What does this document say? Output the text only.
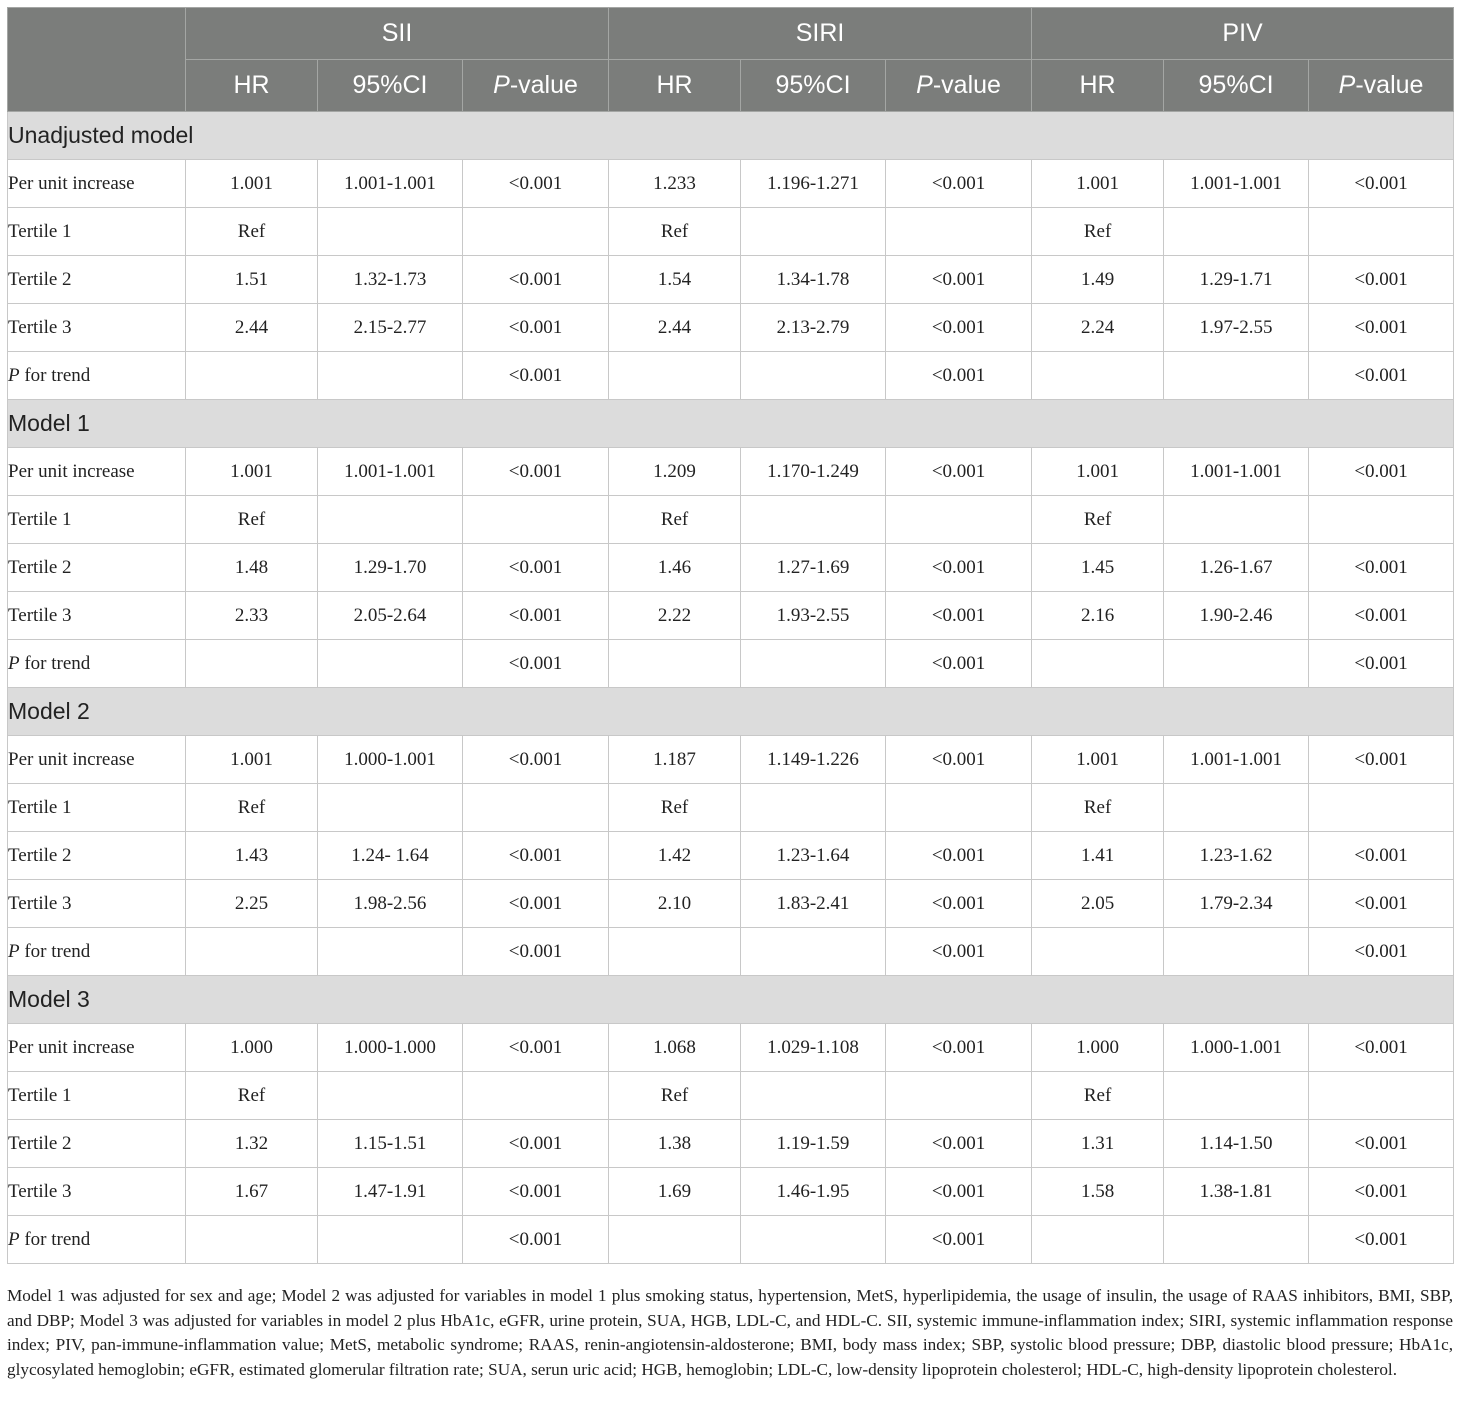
	SII			SIRI			PIV		
	HR	95%CI	P-value	HR	95%CI	P-value	HR	95%CI	P-value
Unadjusted model									
Per unit increase	1.001	1.001-1.001	<0.001	1.233	1.196-1.271	<0.001	1.001	1.001-1.001	<0.001
Tertile 1	Ref			Ref			Ref		
Tertile 2	1.51	1.32-1.73	<0.001	1.54	1.34-1.78	<0.001	1.49	1.29-1.71	<0.001
Tertile 3	2.44	2.15-2.77	<0.001	2.44	2.13-2.79	<0.001	2.24	1.97-2.55	<0.001
P for trend			<0.001			<0.001			<0.001
Model 1									
Per unit increase	1.001	1.001-1.001	<0.001	1.209	1.170-1.249	<0.001	1.001	1.001-1.001	<0.001
Tertile 1	Ref			Ref			Ref		
Tertile 2	1.48	1.29-1.70	<0.001	1.46	1.27-1.69	<0.001	1.45	1.26-1.67	<0.001
Tertile 3	2.33	2.05-2.64	<0.001	2.22	1.93-2.55	<0.001	2.16	1.90-2.46	<0.001
P for trend			<0.001			<0.001			<0.001
Model 2									
Per unit increase	1.001	1.000-1.001	<0.001	1.187	1.149-1.226	<0.001	1.001	1.001-1.001	<0.001
Tertile 1	Ref			Ref			Ref		
Tertile 2	1.43	1.24- 1.64	<0.001	1.42	1.23-1.64	<0.001	1.41	1.23-1.62	<0.001
Tertile 3	2.25	1.98-2.56	<0.001	2.10	1.83-2.41	<0.001	2.05	1.79-2.34	<0.001
P for trend			<0.001			<0.001			<0.001
Model 3									
Per unit increase	1.000	1.000-1.000	<0.001	1.068	1.029-1.108	<0.001	1.000	1.000-1.001	<0.001
Tertile 1	Ref			Ref			Ref		
Tertile 2	1.32	1.15-1.51	<0.001	1.38	1.19-1.59	<0.001	1.31	1.14-1.50	<0.001
Tertile 3	1.67	1.47-1.91	<0.001	1.69	1.46-1.95	<0.001	1.58	1.38-1.81	<0.001
P for trend			<0.001			<0.001			<0.001

Model 1 was adjusted for sex and age; Model 2 was adjusted for variables in model 1 plus smoking status, hypertension, MetS, hyperlipidemia, the usage of insulin, the usage of RAAS inhibitors, BMI, SBP, and DBP; Model 3 was adjusted for variables in model 2 plus HbA1c, eGFR, urine protein, SUA, HGB, LDL-C, and HDL-C. SII, systemic immune-inflammation index; SIRI, systemic inflammation response index; PIV, pan-immune-inflammation value; MetS, metabolic syndrome; RAAS, renin-angiotensin-aldosterone; BMI, body mass index; SBP, systolic blood pressure; DBP, diastolic blood pressure; HbA1c, glycosylated hemoglobin; eGFR, estimated glomerular filtration rate; SUA, serun uric acid; HGB, hemoglobin; LDL-C, low-density lipoprotein cholesterol; HDL-C, high-density lipoprotein cholesterol.
